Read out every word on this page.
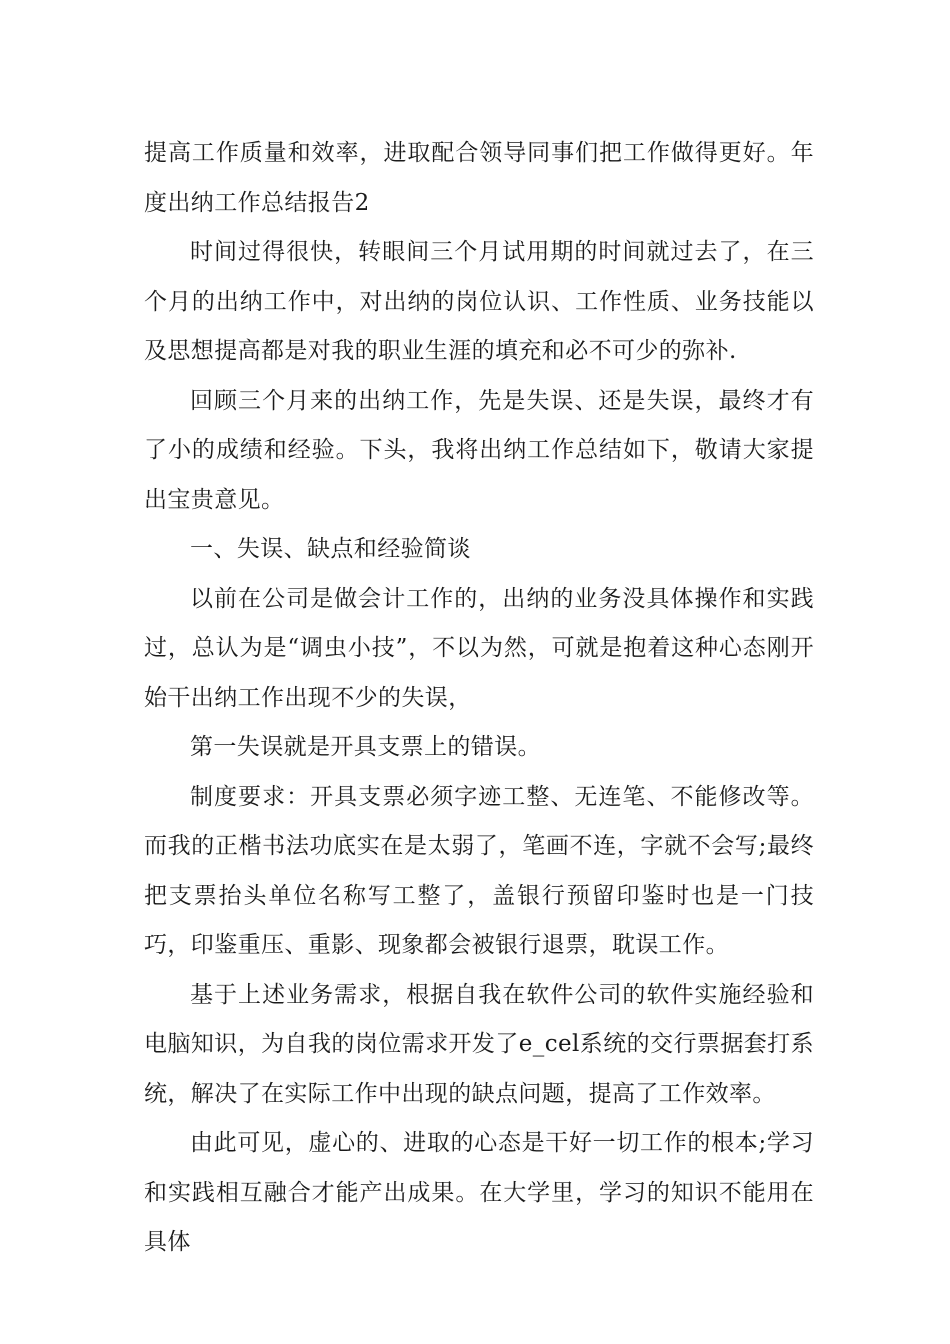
提高工作质量和效率，进取配合领导同事们把工作做得更好。年度出纳工作总结报告2

时间过得很快，转眼间三个月试用期的时间就过去了，在三个月的出纳工作中，对出纳的岗位认识、工作性质、业务技能以及思想提高都是对我的职业生涯的填充和必不可少的弥补.

回顾三个月来的出纳工作，先是失误、还是失误，最终才有了小的成绩和经验。下头，我将出纳工作总结如下，敬请大家提出宝贵意见。

一、失误、缺点和经验简谈

以前在公司是做会计工作的，出纳的业务没具体操作和实践过，总认为是“调虫小技”，不以为然，可就是抱着这种心态刚开始干出纳工作出现不少的失误，

第一失误就是开具支票上的错误。

制度要求：开具支票必须字迹工整、无连笔、不能修改等。而我的正楷书法功底实在是太弱了，笔画不连，字就不会写;最终把支票抬头单位名称写工整了，盖银行预留印鉴时也是一门技巧，印鉴重压、重影、现象都会被银行退票，耽误工作。

基于上述业务需求，根据自我在软件公司的软件实施经验和电脑知识，为自我的岗位需求开发了e_cel系统的交行票据套打系统，解决了在实际工作中出现的缺点问题，提高了工作效率。

由此可见，虚心的、进取的心态是干好一切工作的根本;学习和实践相互融合才能产出成果。在大学里，学习的知识不能用在具体
